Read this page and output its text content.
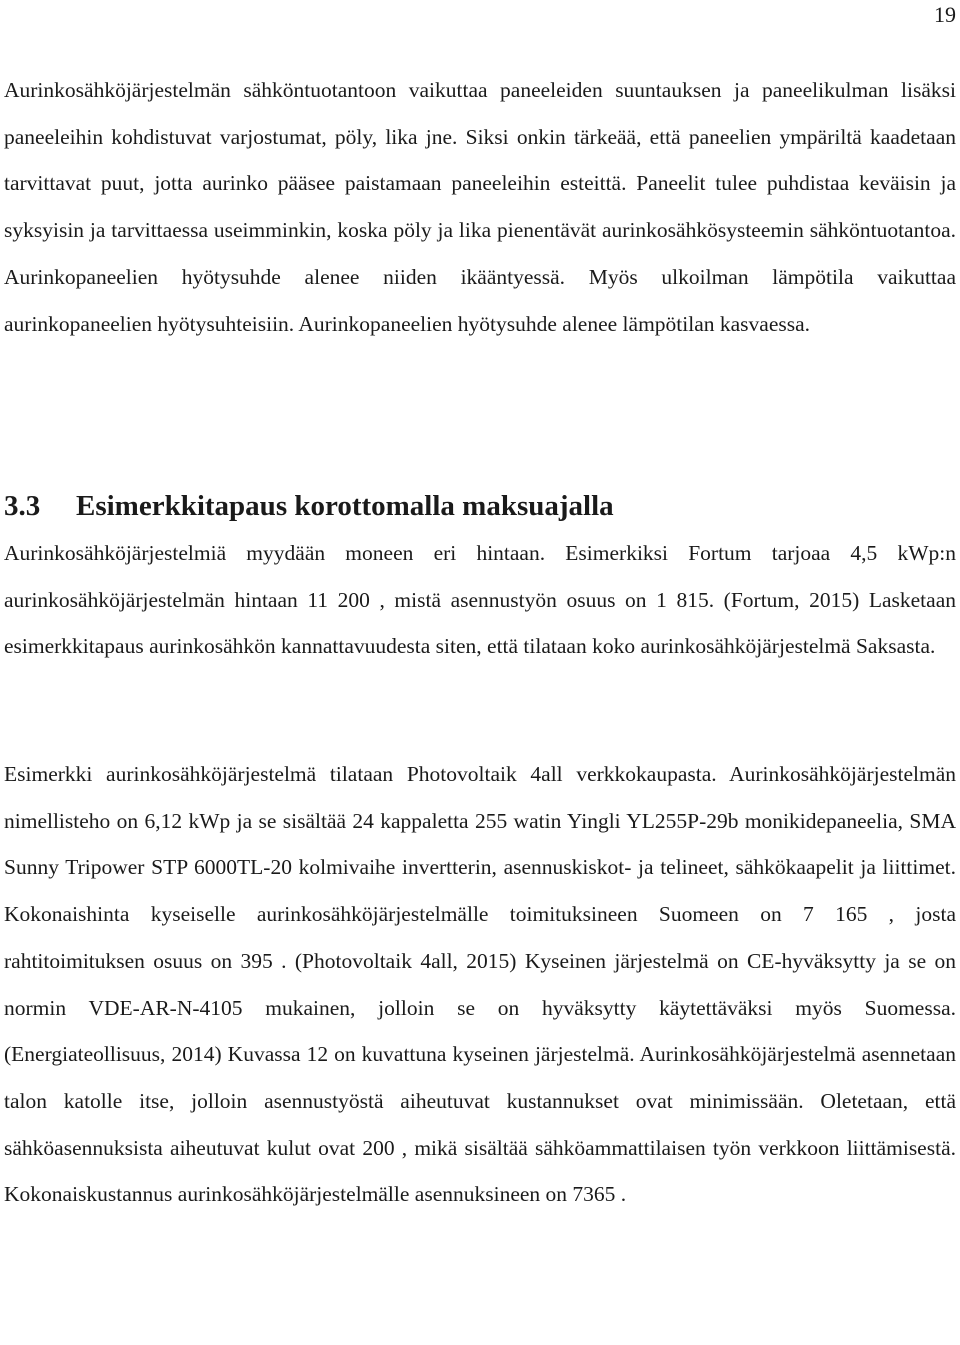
19

Aurinkosähköjärjestelmän sähköntuotantoon vaikuttaa paneeleiden suuntauksen ja paneelikulman lisäksi paneeleihin kohdistuvat varjostumat, pöly, lika jne. Siksi onkin tärkeää, että paneelien ympäriltä kaadetaan tarvittavat puut, jotta aurinko pääsee paistamaan paneeleihin esteittä. Paneelit tulee puhdistaa keväisin ja syksyisin ja tarvittaessa useimminkin, koska pöly ja lika pienentävät aurinkosähkösysteemin sähköntuotantoa. Aurinkopaneelien hyötysuhde alenee niiden ikääntyessä. Myös ulkoilman lämpötila vaikuttaa aurinkopaneelien hyötysuhteisiin. Aurinkopaneelien hyötysuhde alenee lämpötilan kasvaessa.

3.3 Esimerkkitapaus korottomalla maksuajalla

Aurinkosähköjärjestelmiä myydään moneen eri hintaan. Esimerkiksi Fortum tarjoaa 4,5 kWp:n aurinkosähköjärjestelmän hintaan 11 200 , mistä asennustyön osuus on 1 815. (Fortum, 2015) Lasketaan esimerkkitapaus aurinkosähkön kannattavuudesta siten, että tilataan koko aurinkosähköjärjestelmä Saksasta.

Esimerkki aurinkosähköjärjestelmä tilataan Photovoltaik 4all verkkokaupasta. Aurinkosähköjärjestelmän nimellisteho on 6,12 kWp ja se sisältää 24 kappaletta 255 watin Yingli YL255P-29b monikidepaneelia, SMA Sunny Tripower STP 6000TL-20 kolmivaihe invertterin, asennuskiskot- ja telineet, sähkökaapelit ja liittimet. Kokonaishinta kyseiselle aurinkosähköjärjestelmälle toimituksineen Suomeen on 7 165 , josta rahtitoimituksen osuus on 395 . (Photovoltaik 4all, 2015) Kyseinen järjestelmä on CE-hyväksytty ja se on normin VDE-AR-N-4105 mukainen, jolloin se on hyväksytty käytettäväksi myös Suomessa. (Energiateollisuus, 2014) Kuvassa 12 on kuvattuna kyseinen järjestelmä. Aurinkosähköjärjestelmä asennetaan talon katolle itse, jolloin asennustyöstä aiheutuvat kustannukset ovat minimissään. Oletetaan, että sähköasennuksista aiheutuvat kulut ovat 200 , mikä sisältää sähköammattilaisen työn verkkoon liittämisestä. Kokonaiskustannus aurinkosähköjärjestelmälle asennuksineen on 7365 .
